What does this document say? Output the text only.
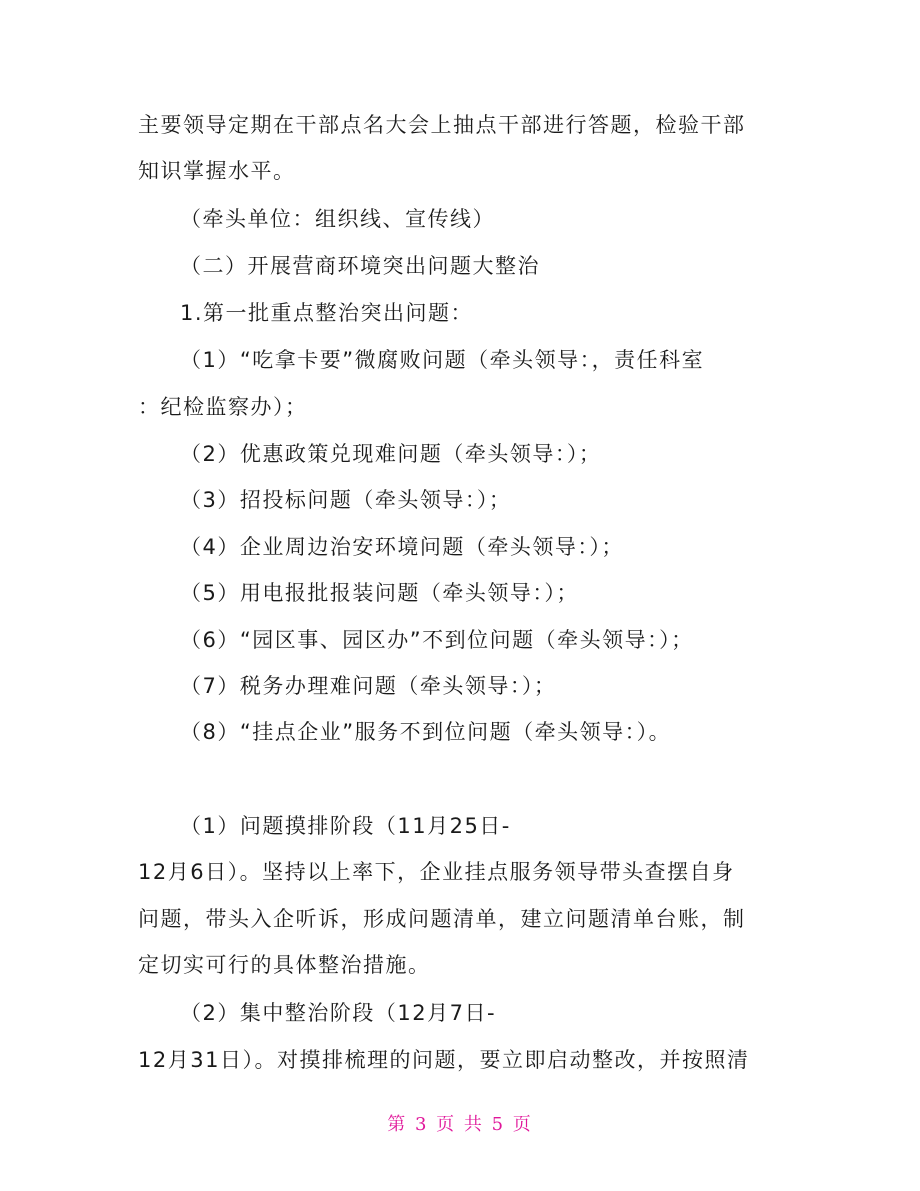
主要领导定期在干部点名大会上抽点干部进行答题，检验干部
知识掌握水平。
（牵头单位：组织线、宣传线）
（二）开展营商环境突出问题大整治
1.第一批重点整治突出问题：
（1）“吃拿卡要”微腐败问题（牵头领导：，责任科室
：纪检监察办）；
（2）优惠政策兑现难问题（牵头领导：）；
（3）招投标问题（牵头领导：）；
（4）企业周边治安环境问题（牵头领导：）；
（5）用电报批报装问题（牵头领导：）；
（6）“园区事、园区办”不到位问题（牵头领导：）；
（7）税务办理难问题（牵头领导：）；
（8）“挂点企业”服务不到位问题（牵头领导：）。
（1）问题摸排阶段（11月25日-
12月6日）。坚持以上率下，企业挂点服务领导带头查摆自身
问题，带头入企听诉，形成问题清单，建立问题清单台账，制
定切实可行的具体整治措施。
（2）集中整治阶段（12月7日-
12月31日）。对摸排梳理的问题，要立即启动整改，并按照清
第 3 页 共 5 页
